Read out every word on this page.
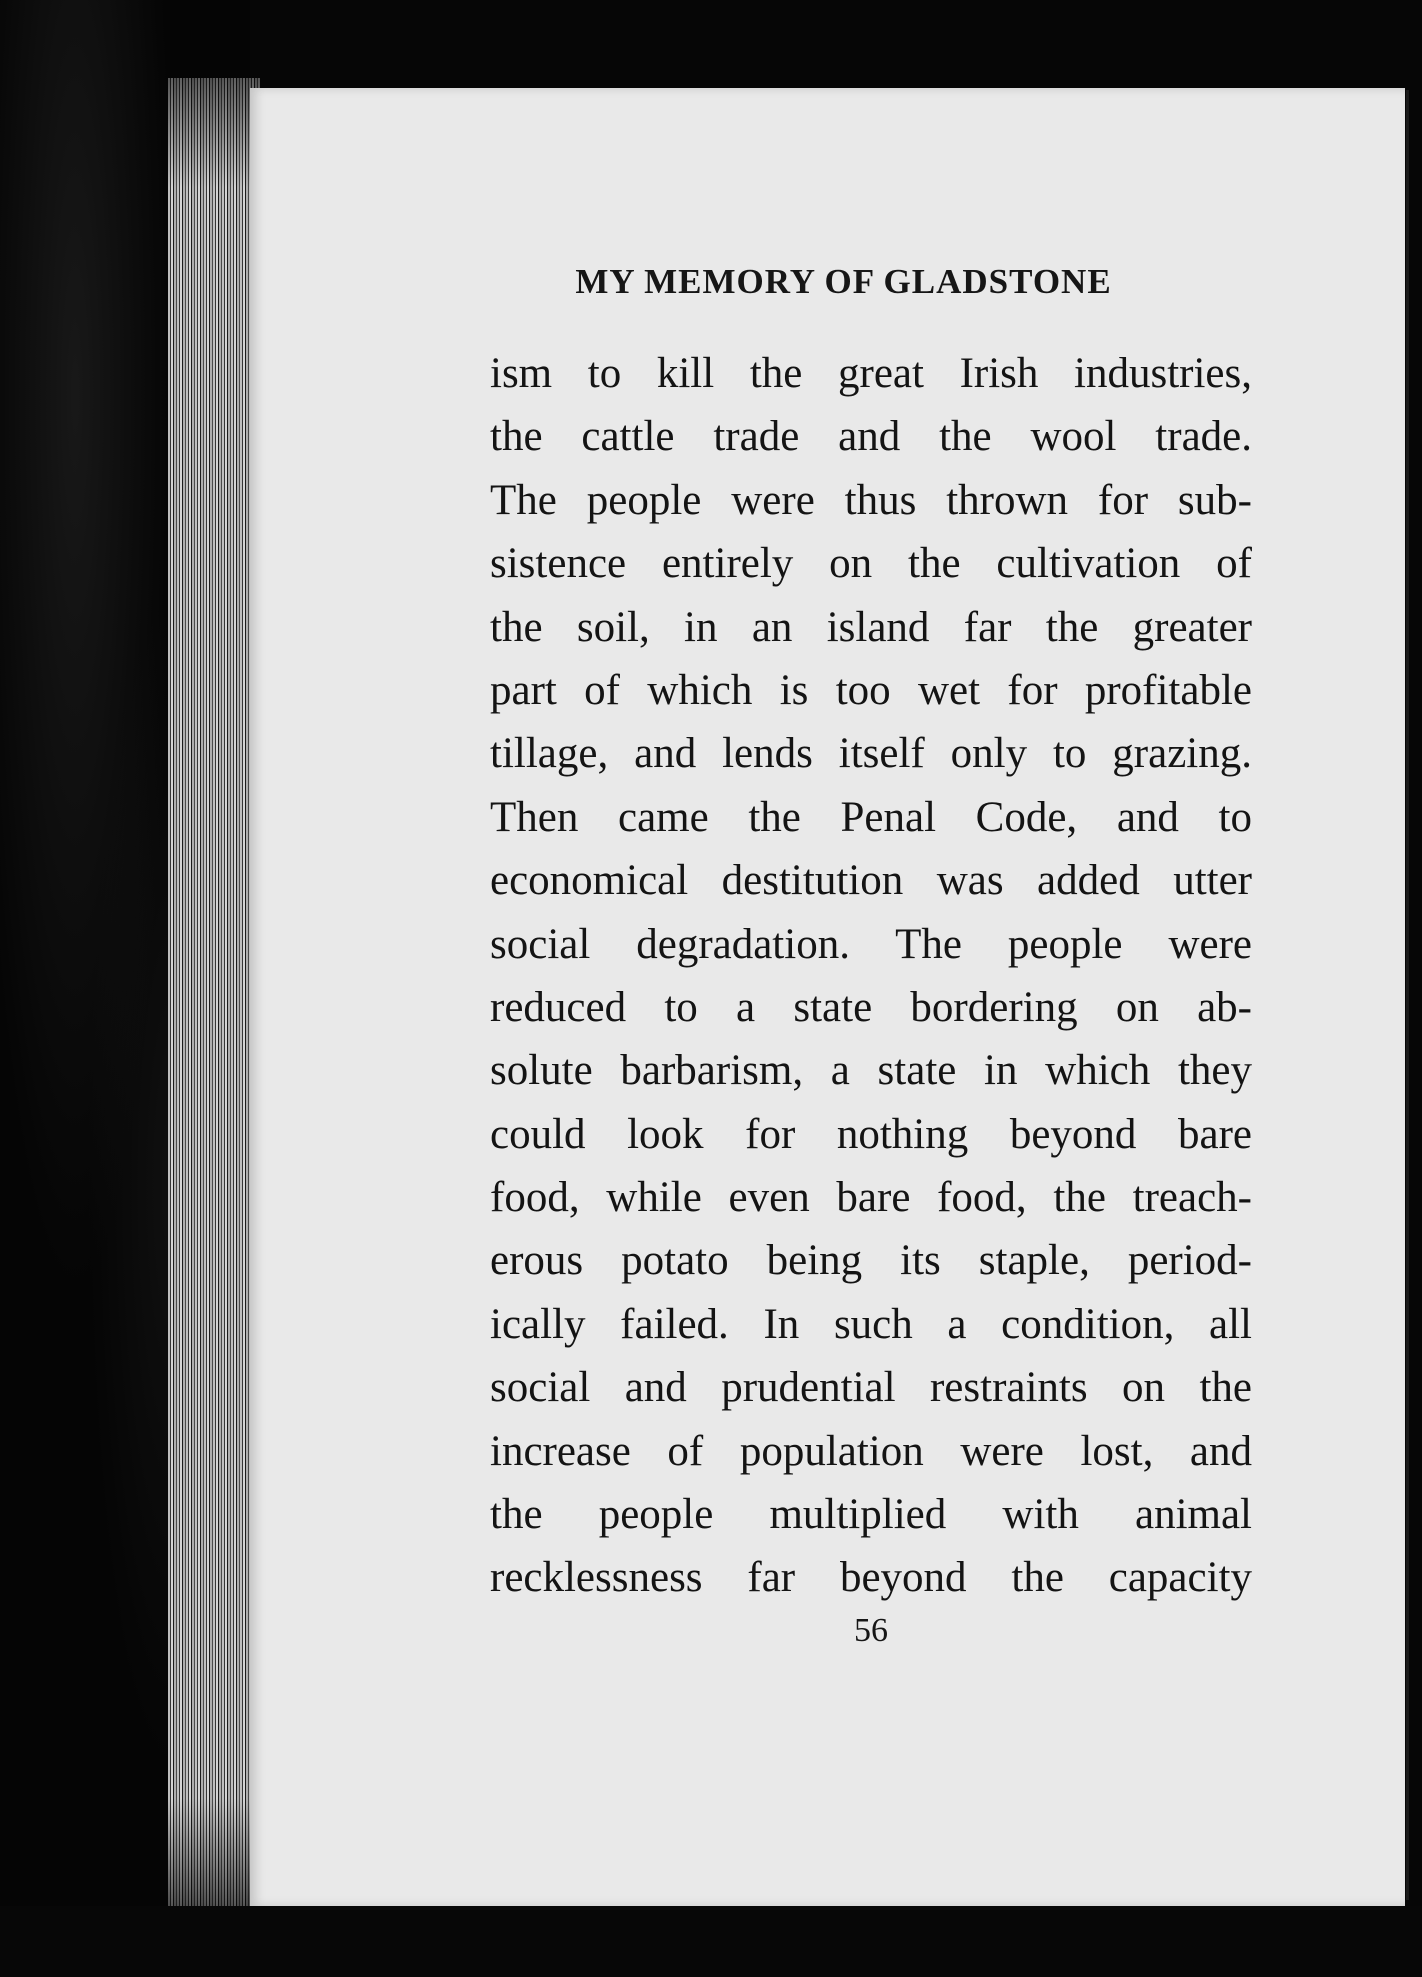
MY MEMORY OF GLADSTONE
ism to kill the great Irish industries,
the cattle trade and the wool trade.
The people were thus thrown for sub-
sistence entirely on the cultivation of
the soil, in an island far the greater
part of which is too wet for profitable
tillage, and lends itself only to grazing.
Then came the Penal Code, and to
economical destitution was added utter
social degradation. The people were
reduced to a state bordering on ab-
solute barbarism, a state in which they
could look for nothing beyond bare
food, while even bare food, the treach-
erous potato being its staple, period-
ically failed. In such a condition, all
social and prudential restraints on the
increase of population were lost, and
the people multiplied with animal
recklessness far beyond the capacity
56
